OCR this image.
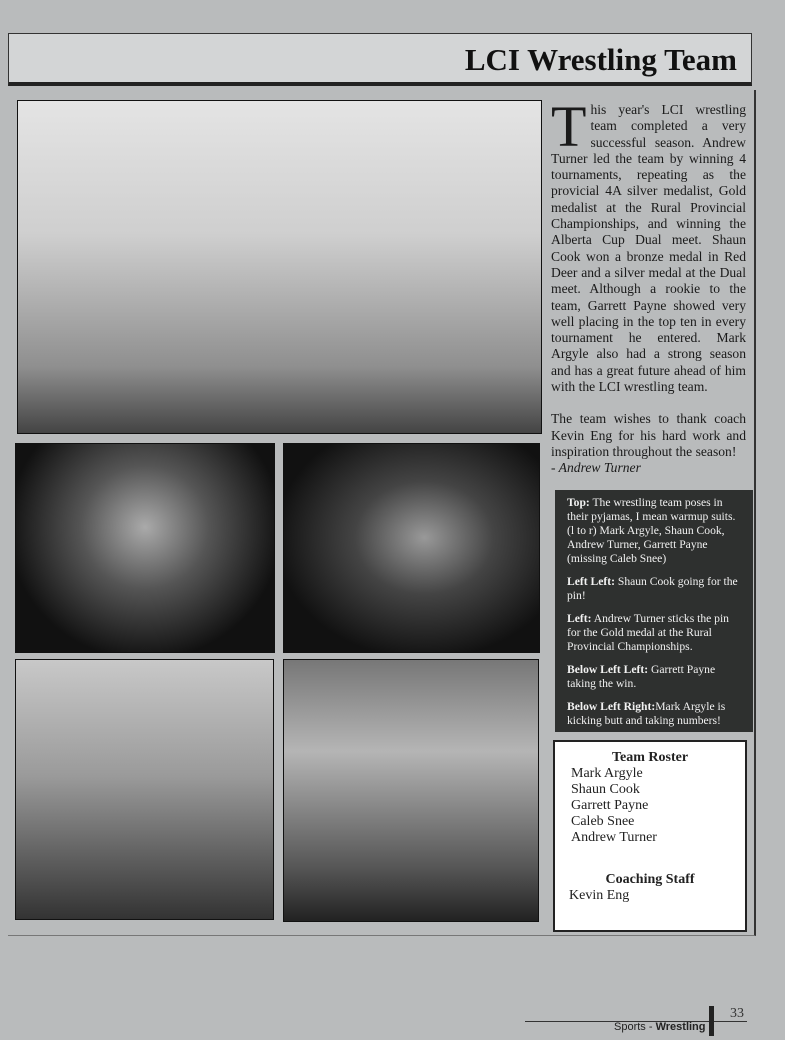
LCI Wrestling Team

This year's LCI wrestling team completed a very successful season. Andrew Turner led the team by winning 4 tournaments, repeating as the provicial 4A silver medalist, Gold medalist at the Rural Provincial Championships, and winning the Alberta Cup Dual meet. Shaun Cook won a bronze medal in Red Deer and a silver medal at the Dual meet. Although a rookie to the team, Garrett Payne showed very well placing in the top ten in every tournament he entered. Mark Argyle also had a strong season and has a great future ahead of him with the LCI wrestling team.

The team wishes to thank coach Kevin Eng for his hard work and inspiration throughout the season!

- Andrew Turner

Top: The wrestling team poses in their pyjamas, I mean warmup suits. (l to r) Mark Argyle, Shaun Cook, Andrew Turner, Garrett Payne (missing Caleb Snee)

Left Left: Shaun Cook going for the pin!

Left: Andrew Turner sticks the pin for the Gold medal at the Rural Provincial Championships.

Below Left Left: Garrett Payne taking the win.

Below Left Right:Mark Argyle is kicking butt and taking numbers!

Team Roster
Mark Argyle
Shaun Cook
Garrett Payne
Caleb Snee
Andrew Turner
Coaching Staff
Kevin Eng
Sports - Wrestling
33
